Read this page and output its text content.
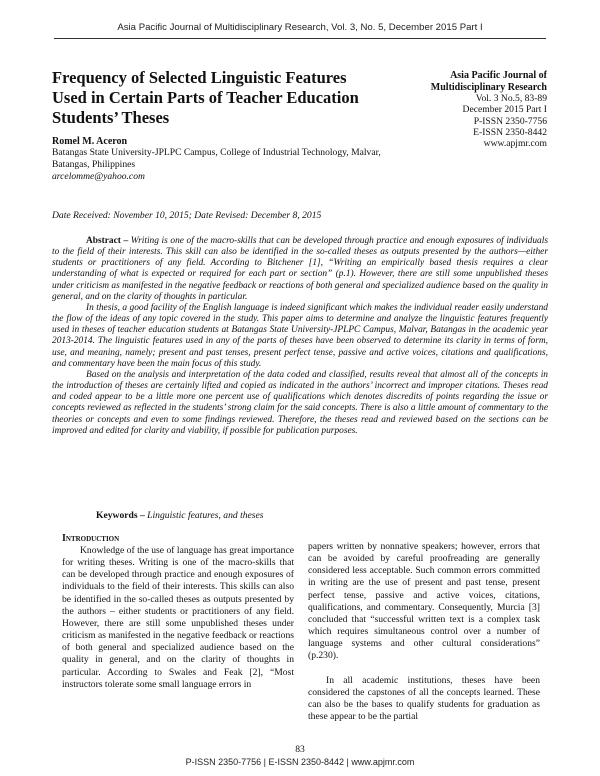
Asia Pacific Journal of Multidisciplinary Research, Vol. 3, No. 5, December 2015 Part I
Frequency of Selected Linguistic Features Used in Certain Parts of Teacher Education Students’ Theses
Romel M. Aceron
Batangas State University-JPLPC Campus, College of Industrial Technology, Malvar, Batangas, Philippines
arcelomme@yahoo.com
Asia Pacific Journal of Multidisciplinary Research
Vol. 3 No.5, 83-89
December 2015 Part I
P-ISSN 2350-7756
E-ISSN 2350-8442
www.apjmr.com
Date Received: November 10, 2015; Date Revised: December 8, 2015

Abstract – Writing is one of the macro-skills that can be developed through practice and enough exposures of individuals to the field of their interests. This skill can also be identified in the so-called theses as outputs presented by the authors—either students or practitioners of any field. According to Bitchener [1], “Writing an empirically based thesis requires a clear understanding of what is expected or required for each part or section” (p.1). However, there are still some unpublished theses under criticism as manifested in the negative feedback or reactions of both general and specialized audience based on the quality in general, and on the clarity of thoughts in particular.

In thesis, a good facility of the English language is indeed significant which makes the individual reader easily understand the flow of the ideas of any topic covered in the study. This paper aims to determine and analyze the linguistic features frequently used in theses of teacher education students at Batangas State University-JPLPC Campus, Malvar, Batangas in the academic year 2013-2014. The linguistic features used in any of the parts of theses have been observed to determine its clarity in terms of form, use, and meaning, namely; present and past tenses, present perfect tense, passive and active voices, citations and qualifications, and commentary have been the main focus of this study.

Based on the analysis and interpretation of the data coded and classified, results reveal that almost all of the concepts in the introduction of theses are certainly lifted and copied as indicated in the authors’ incorrect and improper citations. Theses read and coded appear to be a little more one percent use of qualifications which denotes discredits of points regarding the issue or concepts reviewed as reflected in the students’ strong claim for the said concepts. There is also a little amount of commentary to the theories or concepts and even to some findings reviewed. Therefore, the theses read and reviewed based on the sections can be improved and edited for clarity and viability, if possible for publication purposes.

Keywords – Linguistic features, and theses
Introduction

Knowledge of the use of language has great importance for writing theses. Writing is one of the macro-skills that can be developed through practice and enough exposures of individuals to the field of their interests. This skills can also be identified in the so-called theses as outputs presented by the authors – either students or practitioners of any field. However, there are still some unpublished theses under criticism as manifested in the negative feedback or reactions of both general and specialized audience based on the quality in general, and on the clarity of thoughts in particular. According to Swales and Feak [2], “Most instructors tolerate some small language errors in

papers written by nonnative speakers; however, errors that can be avoided by careful proofreading are generally considered less acceptable. Such common errors committed in writing are the use of present and past tense, present perfect tense, passive and active voices, citations, qualifications, and commentary. Consequently, Murcia [3] concluded that “successful written text is a complex task which requires simultaneous control over a number of language systems and other cultural considerations” (p.230).

In all academic institutions, theses have been considered the capstones of all the concepts learned. These can also be the bases to qualify students for graduation as these appear to be the partial

83
P-ISSN 2350-7756 | E-ISSN 2350-8442 | www.apjmr.com
